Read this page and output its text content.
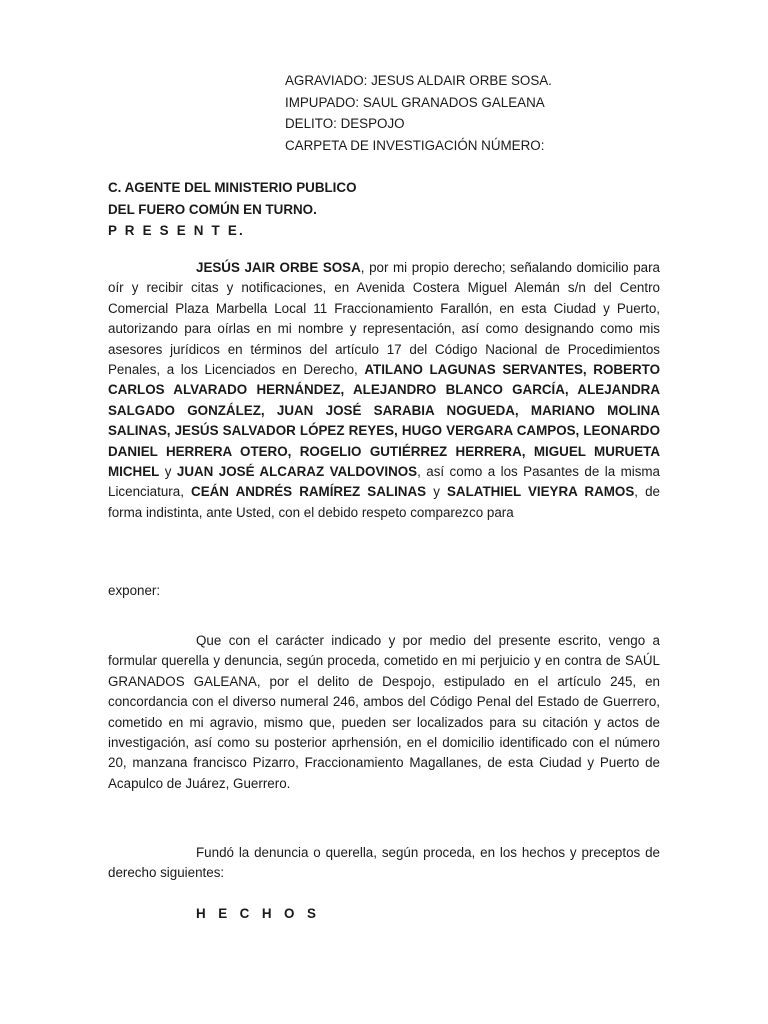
AGRAVIADO: JESUS ALDAIR ORBE SOSA.
IMPUPADO: SAUL GRANADOS GALEANA
DELITO: DESPOJO
CARPETA DE INVESTIGACIÓN NÚMERO:
C. AGENTE DEL MINISTERIO PUBLICO
DEL FUERO COMÚN EN TURNO.
P R E S E N T E.

JESÚS JAIR ORBE SOSA, por mi propio derecho; señalando domicilio para oír y recibir citas y notificaciones, en Avenida Costera Miguel Alemán s/n del Centro Comercial Plaza Marbella Local 11 Fraccionamiento Farallón, en esta Ciudad y Puerto, autorizando para oírlas en mi nombre y representación, así como designando como mis asesores jurídicos en términos del artículo 17 del Código Nacional de Procedimientos Penales, a los Licenciados en Derecho, ATILANO LAGUNAS SERVANTES, ROBERTO CARLOS ALVARADO HERNÁNDEZ, ALEJANDRO BLANCO GARCÍA, ALEJANDRA SALGADO GONZÁLEZ, JUAN JOSÉ SARABIA NOGUEDA, MARIANO MOLINA SALINAS, JESÚS SALVADOR LÓPEZ REYES, HUGO VERGARA CAMPOS, LEONARDO DANIEL HERRERA OTERO, ROGELIO GUTIÉRREZ HERRERA, MIGUEL MURUETA MICHEL y JUAN JOSÉ ALCARAZ VALDOVINOS, así como a los Pasantes de la misma Licenciatura, CEÁN ANDRÉS RAMÍREZ SALINAS y SALATHIEL VIEYRA RAMOS, de forma indistinta, ante Usted, con el debido respeto comparezco para

exponer:

Que con el carácter indicado y por medio del presente escrito, vengo a formular querella y denuncia, según proceda, cometido en mi perjuicio y en contra de SAÚL GRANADOS GALEANA, por el delito de Despojo, estipulado en el artículo 245, en concordancia con el diverso numeral 246, ambos del Código Penal del Estado de Guerrero, cometido en mi agravio, mismo que, pueden ser localizados para su citación y actos de investigación, así como su posterior aprhensión, en el domicilio identificado con el número 20, manzana francisco Pizarro, Fraccionamiento Magallanes, de esta Ciudad y Puerto de Acapulco de Juárez, Guerrero.

Fundó la denuncia o querella, según proceda, en los hechos y preceptos de derecho siguientes:

H E C H O S
